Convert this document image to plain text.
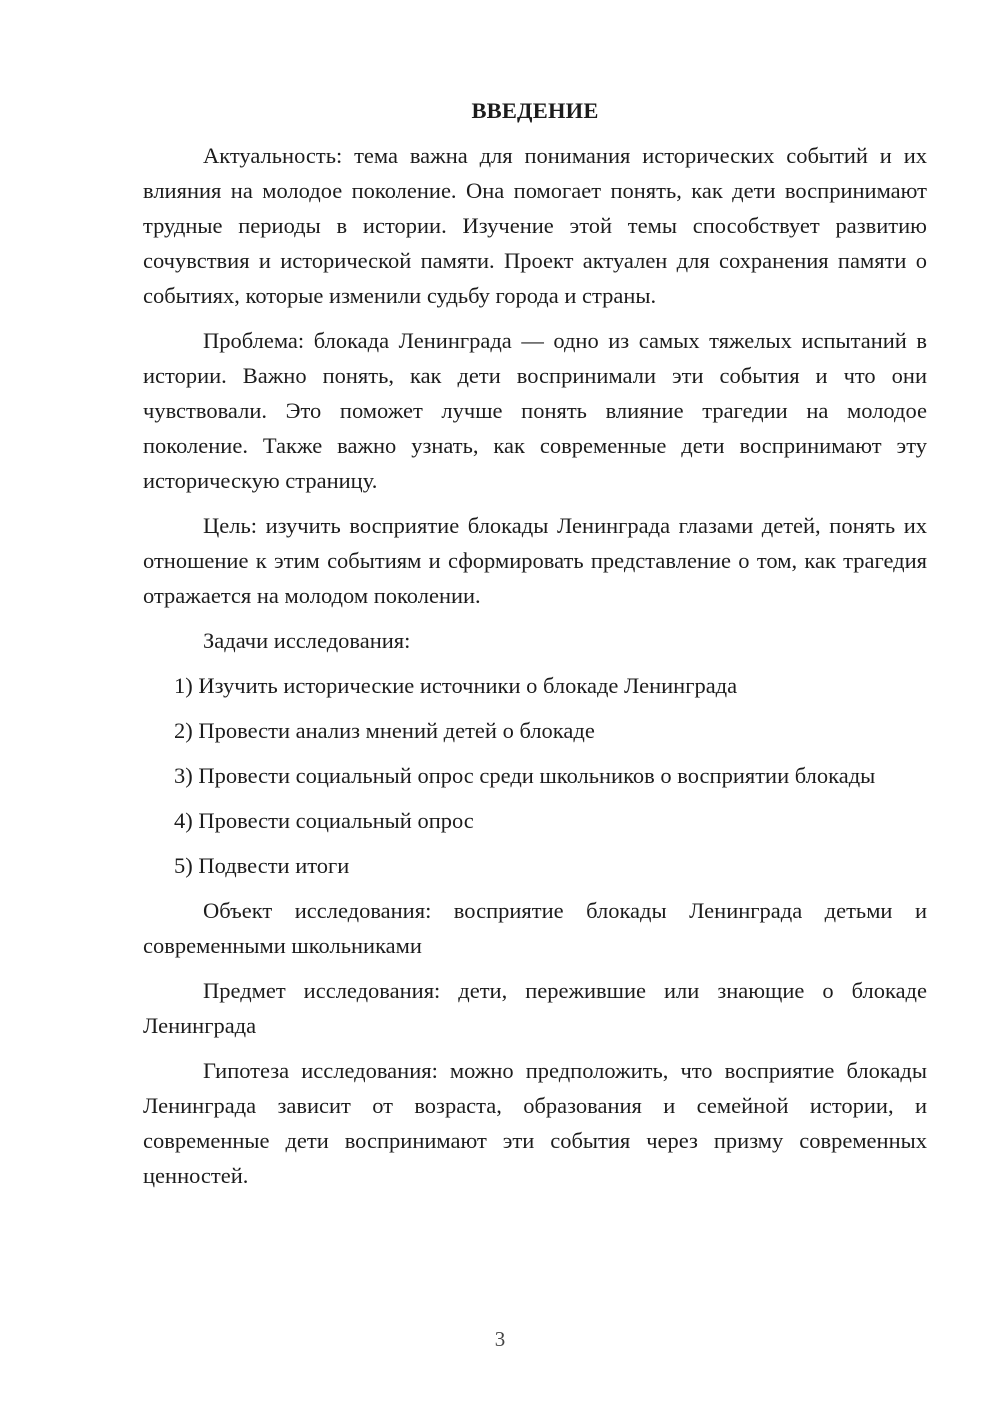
ВВЕДЕНИЕ

Актуальность: тема важна для понимания исторических событий и их влияния на молодое поколение. Она помогает понять, как дети воспринимают трудные периоды в истории. Изучение этой темы способствует развитию сочувствия и исторической памяти. Проект актуален для сохранения памяти о событиях, которые изменили судьбу города и страны.

Проблема: блокада Ленинграда — одно из самых тяжелых испытаний в истории. Важно понять, как дети воспринимали эти события и что они чувствовали. Это поможет лучше понять влияние трагедии на молодое поколение. Также важно узнать, как современные дети воспринимают эту историческую страницу.

Цель: изучить восприятие блокады Ленинграда глазами детей, понять их отношение к этим событиям и сформировать представление о том, как трагедия отражается на молодом поколении.

Задачи исследования:

1) Изучить исторические источники о блокаде Ленинграда

2) Провести анализ мнений детей о блокаде

3) Провести социальный опрос среди школьников о восприятии блокады

4) Провести социальный опрос

5) Подвести итоги

Объект исследования: восприятие блокады Ленинграда детьми и современными школьниками

Предмет исследования: дети, пережившие или знающие о блокаде Ленинграда

Гипотеза исследования: можно предположить, что восприятие блокады Ленинграда зависит от возраста, образования и семейной истории, и современные дети воспринимают эти события через призму современных ценностей.

3
